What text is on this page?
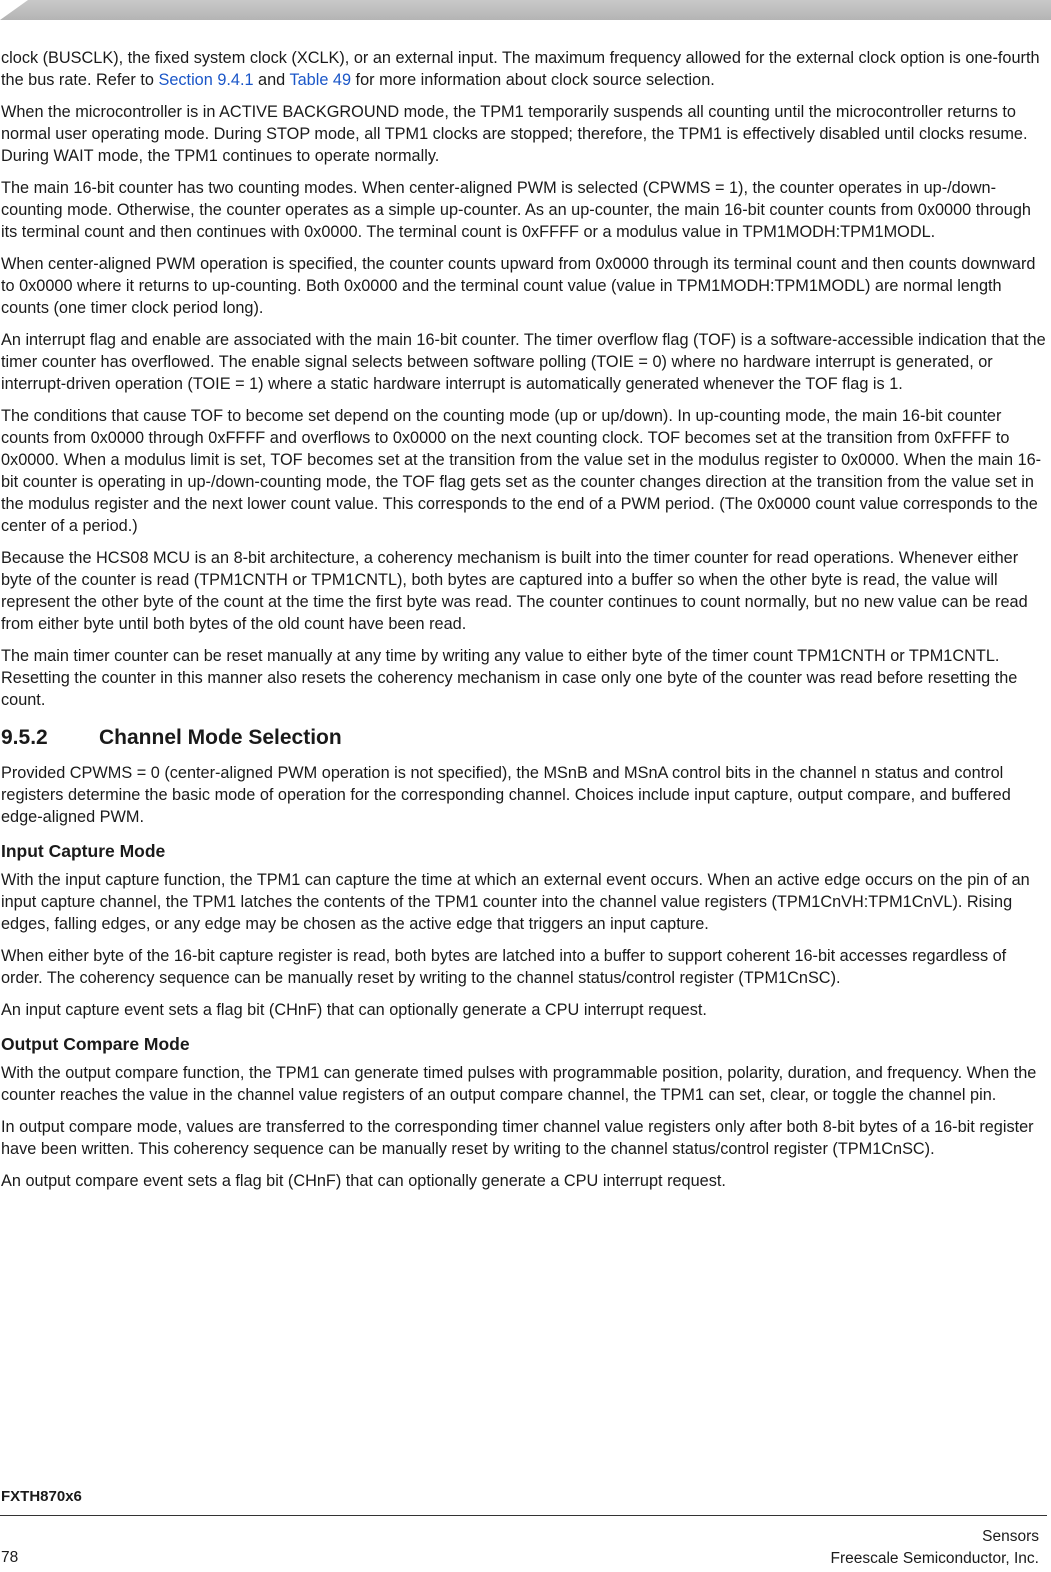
clock (BUSCLK), the fixed system clock (XCLK), or an external input. The maximum frequency allowed for the external clock option is one-fourth the bus rate. Refer to Section 9.4.1 and Table 49 for more information about clock source selection.

When the microcontroller is in ACTIVE BACKGROUND mode, the TPM1 temporarily suspends all counting until the microcontroller returns to normal user operating mode. During STOP mode, all TPM1 clocks are stopped; therefore, the TPM1 is effectively disabled until clocks resume. During WAIT mode, the TPM1 continues to operate normally.

The main 16-bit counter has two counting modes. When center-aligned PWM is selected (CPWMS = 1), the counter operates in up-/down-counting mode. Otherwise, the counter operates as a simple up-counter. As an up-counter, the main 16-bit counter counts from 0x0000 through its terminal count and then continues with 0x0000. The terminal count is 0xFFFF or a modulus value in TPM1MODH:TPM1MODL.

When center-aligned PWM operation is specified, the counter counts upward from 0x0000 through its terminal count and then counts downward to 0x0000 where it returns to up-counting. Both 0x0000 and the terminal count value (value in TPM1MODH:TPM1MODL) are normal length counts (one timer clock period long).

An interrupt flag and enable are associated with the main 16-bit counter. The timer overflow flag (TOF) is a software-accessible indication that the timer counter has overflowed. The enable signal selects between software polling (TOIE = 0) where no hardware interrupt is generated, or interrupt-driven operation (TOIE = 1) where a static hardware interrupt is automatically generated whenever the TOF flag is 1.

The conditions that cause TOF to become set depend on the counting mode (up or up/down). In up-counting mode, the main 16-bit counter counts from 0x0000 through 0xFFFF and overflows to 0x0000 on the next counting clock. TOF becomes set at the transition from 0xFFFF to 0x0000. When a modulus limit is set, TOF becomes set at the transition from the value set in the modulus register to 0x0000. When the main 16-bit counter is operating in up-/down-counting mode, the TOF flag gets set as the counter changes direction at the transition from the value set in the modulus register and the next lower count value. This corresponds to the end of a PWM period. (The 0x0000 count value corresponds to the center of a period.)

Because the HCS08 MCU is an 8-bit architecture, a coherency mechanism is built into the timer counter for read operations. Whenever either byte of the counter is read (TPM1CNTH or TPM1CNTL), both bytes are captured into a buffer so when the other byte is read, the value will represent the other byte of the count at the time the first byte was read. The counter continues to count normally, but no new value can be read from either byte until both bytes of the old count have been read.

The main timer counter can be reset manually at any time by writing any value to either byte of the timer count TPM1CNTH or TPM1CNTL. Resetting the counter in this manner also resets the coherency mechanism in case only one byte of the counter was read before resetting the count.

9.5.2 Channel Mode Selection

Provided CPWMS = 0 (center-aligned PWM operation is not specified), the MSnB and MSnA control bits in the channel n status and control registers determine the basic mode of operation for the corresponding channel. Choices include input capture, output compare, and buffered edge-aligned PWM.

Input Capture Mode

With the input capture function, the TPM1 can capture the time at which an external event occurs. When an active edge occurs on the pin of an input capture channel, the TPM1 latches the contents of the TPM1 counter into the channel value registers (TPM1CnVH:TPM1CnVL). Rising edges, falling edges, or any edge may be chosen as the active edge that triggers an input capture.

When either byte of the 16-bit capture register is read, both bytes are latched into a buffer to support coherent 16-bit accesses regardless of order. The coherency sequence can be manually reset by writing to the channel status/control register (TPM1CnSC).

An input capture event sets a flag bit (CHnF) that can optionally generate a CPU interrupt request.

Output Compare Mode

With the output compare function, the TPM1 can generate timed pulses with programmable position, polarity, duration, and frequency. When the counter reaches the value in the channel value registers of an output compare channel, the TPM1 can set, clear, or toggle the channel pin.

In output compare mode, values are transferred to the corresponding timer channel value registers only after both 8-bit bytes of a 16-bit register have been written. This coherency sequence can be manually reset by writing to the channel status/control register (TPM1CnSC).

An output compare event sets a flag bit (CHnF) that can optionally generate a CPU interrupt request.

FXTH870x6
78
Sensors
Freescale Semiconductor, Inc.
